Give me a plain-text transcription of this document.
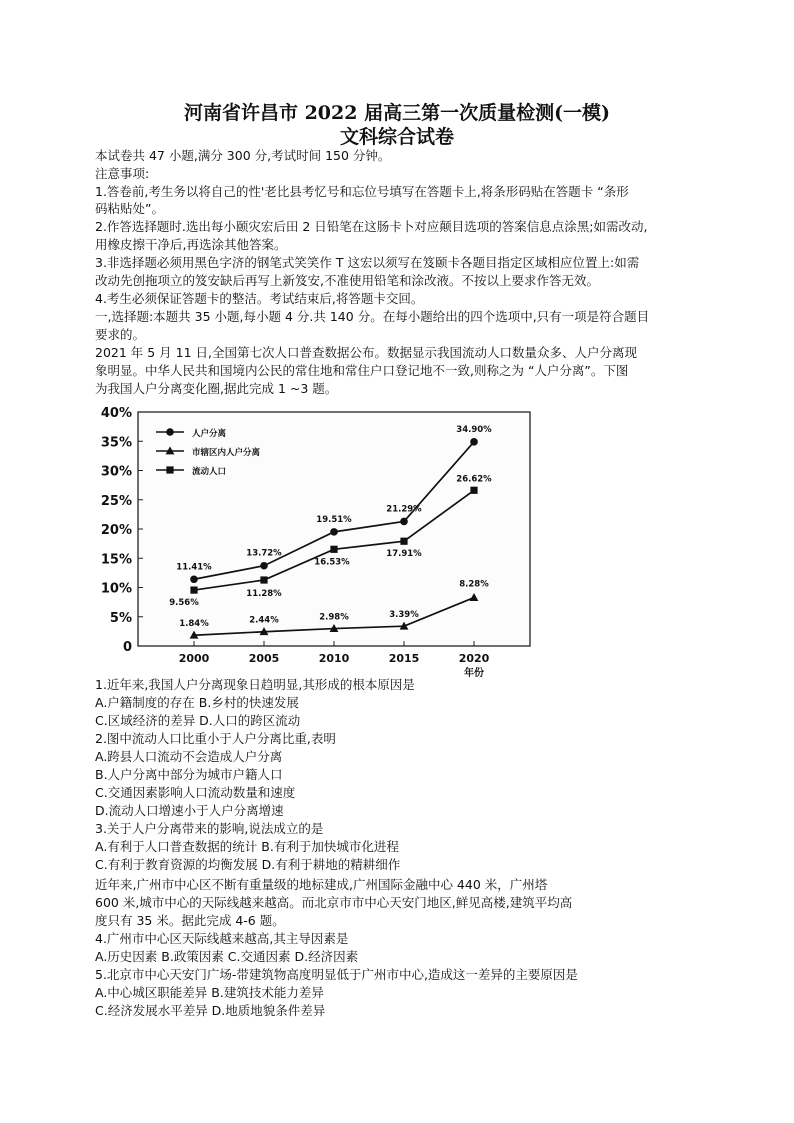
河南省许昌市 2022 届高三第一次质量检测(一模)
文科综合试卷
本试卷共 47 小题,满分 300 分,考试时间 150 分钟。
注意事项:
1.答卷前,考生务以将自己的性'老比县考忆号和忘位号填写在答题卡上,将条形码贴在答题卡 “条形
码粘贴处”。
2.作答选择题时.选出每小颐灾宏后田 2 日铅笔在这肠卡卜对应颠目选项的答案信息点涂黑;如需改动,
用橡皮擦干净后,再选涂其他答案。
3.非选择题必须用黑色字济的钢笔式笑笑作 T 这宏以须写在笈颐卡各题目指定区域相应位置上:如需
改动先创拖项立的笈安缺后再写上新笈安,不准使用铅笔和涂改液。不按以上要求作答无效。
4.考生必须保证答题卡的整洁。考试结束后,将答题卡交回。
一,选择题:本题共 35 小题,每小题 4 分.共 140 分。在每小题给出的四个选项中,只有一项是符合题目
要求的。
2021 年 5 月 11 日,全国第七次人口普查数据公布。数据显示我国流动人口数量众多、人户分离现
象明显。中华人民共和国境内公民的常住地和常住户口登记地不一致,则称之为 “人户分离”。下图
为我国人户分离变化圈,据此完成 1 ~3 题。
0
5%
10%
15%
20%
25%
30%
35%
40%
2000	2005	2010	2015	2020
年份
11.41%
13.72%
19.51%
21.29%
34.90%
1.84%	2.44%	2.98%	3.39%
8.28%
9.56%
11.28%
16.53%
17.91%
26.62%
人户分离
市辖区内人户分离
流动人口
1.近年来,我国人户分离现象日趋明显,其形成的根本原因是
A.户籍制度的存在 B.乡村的快速发展
C.区域经济的差异 D.人口的跨区流动
2.图中流动人口比重小于人户分离比重,表明
A.跨县人口流动不会造成人户分离
B.人户分离中部分为城市户籍人口
C.交通因素影响人口流动数量和速度
D.流动人口增速小于人户分离增速
3.关于人户分离带来的影响,说法成立的是
A.有利于人口普查数据的统计 B.有利于加快城市化进程
C.有利于教育资源的均衡发展 D.有利于耕地的精耕细作
近年来,广州市中心区不断有重量级的地标建成,广州国际金融中心 440 米，广州塔
600 米,城市中心的天际线越来越高。而北京市市中心天安门地区,鲜见高楼,建筑平均高
度只有 35 米。据此完成 4-6 题。
4.广州市中心区天际线越来越高,其主导因素是
A.历史因素 B.政策因素 C.交通因素 D.经济因素
5.北京市中心天安门广场-带建筑物高度明显低于广州市中心,造成这一差异的主要原因是
A.中心城区职能差异 B.建筑技术能力差异
C.经济发展水平差异 D.地质地貌条件差异
